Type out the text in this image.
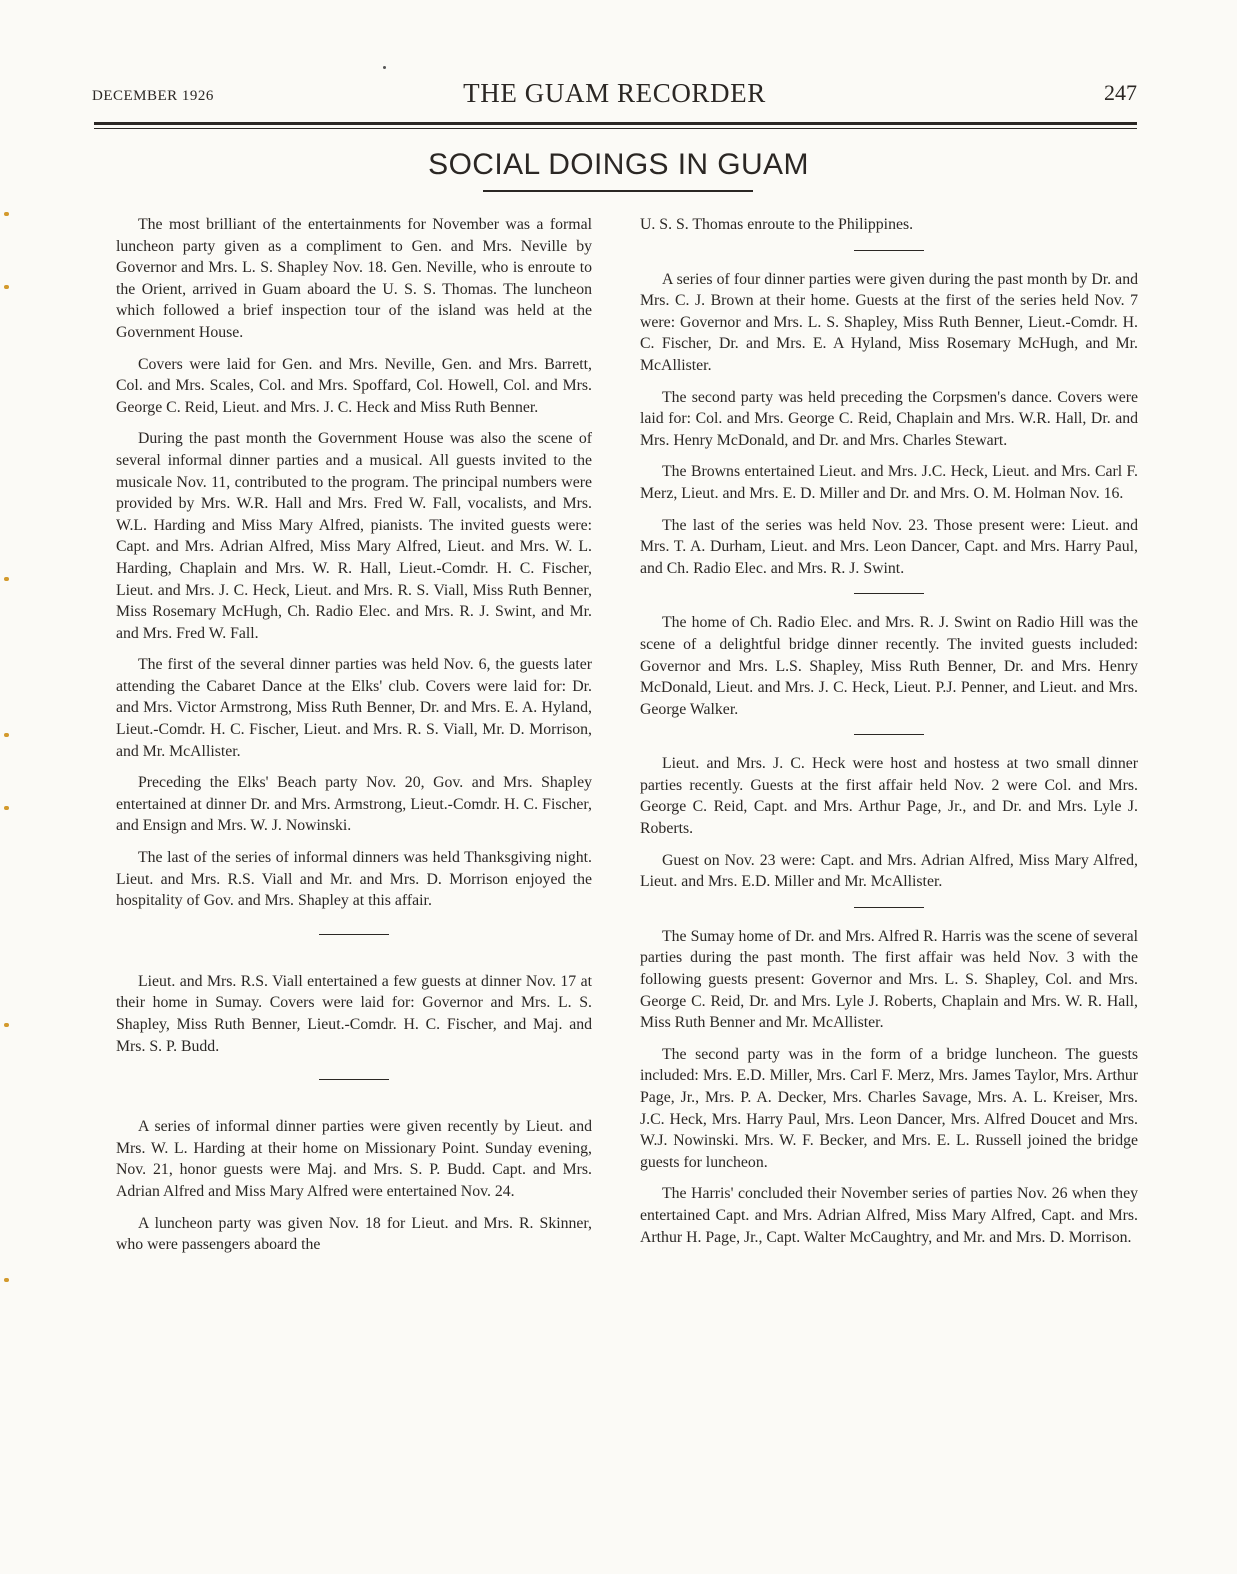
DECEMBER 1926	THE GUAM RECORDER	247
SOCIAL DOINGS IN GUAM

The most brilliant of the entertainments for November was a formal luncheon party given as a compliment to Gen. and Mrs. Neville by Governor and Mrs. L. S. Shapley Nov. 18. Gen. Neville, who is enroute to the Orient, arrived in Guam aboard the U. S. S. Thomas. The luncheon which followed a brief inspection tour of the island was held at the Government House.

Covers were laid for Gen. and Mrs. Neville, Gen. and Mrs. Barrett, Col. and Mrs. Scales, Col. and Mrs. Spoffard, Col. Howell, Col. and Mrs. George C. Reid, Lieut. and Mrs. J. C. Heck and Miss Ruth Benner.

During the past month the Government House was also the scene of several informal dinner parties and a musical. All guests invited to the musicale Nov. 11, contributed to the program. The principal numbers were provided by Mrs. W.R. Hall and Mrs. Fred W. Fall, vocalists, and Mrs. W.L. Harding and Miss Mary Alfred, pianists. The invited guests were: Capt. and Mrs. Adrian Alfred, Miss Mary Alfred, Lieut. and Mrs. W. L. Harding, Chaplain and Mrs. W. R. Hall, Lieut.-Comdr. H. C. Fischer, Lieut. and Mrs. J. C. Heck, Lieut. and Mrs. R. S. Viall, Miss Ruth Benner, Miss Rosemary McHugh, Ch. Radio Elec. and Mrs. R. J. Swint, and Mr. and Mrs. Fred W. Fall.

The first of the several dinner parties was held Nov. 6, the guests later attending the Cabaret Dance at the Elks' club. Covers were laid for: Dr. and Mrs. Victor Armstrong, Miss Ruth Benner, Dr. and Mrs. E. A. Hyland, Lieut.-Comdr. H. C. Fischer, Lieut. and Mrs. R. S. Viall, Mr. D. Morrison, and Mr. McAllister.

Preceding the Elks' Beach party Nov. 20, Gov. and Mrs. Shapley entertained at dinner Dr. and Mrs. Armstrong, Lieut.-Comdr. H. C. Fischer, and Ensign and Mrs. W. J. Nowinski.

The last of the series of informal dinners was held Thanksgiving night. Lieut. and Mrs. R.S. Viall and Mr. and Mrs. D. Morrison enjoyed the hospitality of Gov. and Mrs. Shapley at this affair.

Lieut. and Mrs. R.S. Viall entertained a few guests at dinner Nov. 17 at their home in Sumay. Covers were laid for: Governor and Mrs. L. S. Shapley, Miss Ruth Benner, Lieut.-Comdr. H. C. Fischer, and Maj. and Mrs. S. P. Budd.

A series of informal dinner parties were given recently by Lieut. and Mrs. W. L. Harding at their home on Missionary Point. Sunday evening, Nov. 21, honor guests were Maj. and Mrs. S. P. Budd. Capt. and Mrs. Adrian Alfred and Miss Mary Alfred were entertained Nov. 24.

A luncheon party was given Nov. 18 for Lieut. and Mrs. R. Skinner, who were passengers aboard the

U. S. S. Thomas enroute to the Philippines.

A series of four dinner parties were given during the past month by Dr. and Mrs. C. J. Brown at their home. Guests at the first of the series held Nov. 7 were: Governor and Mrs. L. S. Shapley, Miss Ruth Benner, Lieut.-Comdr. H. C. Fischer, Dr. and Mrs. E. A Hyland, Miss Rosemary McHugh, and Mr. McAllister.

The second party was held preceding the Corpsmen's dance. Covers were laid for: Col. and Mrs. George C. Reid, Chaplain and Mrs. W.R. Hall, Dr. and Mrs. Henry McDonald, and Dr. and Mrs. Charles Stewart.

The Browns entertained Lieut. and Mrs. J.C. Heck, Lieut. and Mrs. Carl F. Merz, Lieut. and Mrs. E. D. Miller and Dr. and Mrs. O. M. Holman Nov. 16.

The last of the series was held Nov. 23. Those present were: Lieut. and Mrs. T. A. Durham, Lieut. and Mrs. Leon Dancer, Capt. and Mrs. Harry Paul, and Ch. Radio Elec. and Mrs. R. J. Swint.

The home of Ch. Radio Elec. and Mrs. R. J. Swint on Radio Hill was the scene of a delightful bridge dinner recently. The invited guests included: Governor and Mrs. L.S. Shapley, Miss Ruth Benner, Dr. and Mrs. Henry McDonald, Lieut. and Mrs. J. C. Heck, Lieut. P.J. Penner, and Lieut. and Mrs. George Walker.

Lieut. and Mrs. J. C. Heck were host and hostess at two small dinner parties recently. Guests at the first affair held Nov. 2 were Col. and Mrs. George C. Reid, Capt. and Mrs. Arthur Page, Jr., and Dr. and Mrs. Lyle J. Roberts.

Guest on Nov. 23 were: Capt. and Mrs. Adrian Alfred, Miss Mary Alfred, Lieut. and Mrs. E.D. Miller and Mr. McAllister.

The Sumay home of Dr. and Mrs. Alfred R. Harris was the scene of several parties during the past month. The first affair was held Nov. 3 with the following guests present: Governor and Mrs. L. S. Shapley, Col. and Mrs. George C. Reid, Dr. and Mrs. Lyle J. Roberts, Chaplain and Mrs. W. R. Hall, Miss Ruth Benner and Mr. McAllister.

The second party was in the form of a bridge luncheon. The guests included: Mrs. E.D. Miller, Mrs. Carl F. Merz, Mrs. James Taylor, Mrs. Arthur Page, Jr., Mrs. P. A. Decker, Mrs. Charles Savage, Mrs. A. L. Kreiser, Mrs. J.C. Heck, Mrs. Harry Paul, Mrs. Leon Dancer, Mrs. Alfred Doucet and Mrs. W.J. Nowinski. Mrs. W. F. Becker, and Mrs. E. L. Russell joined the bridge guests for luncheon.

The Harris' concluded their November series of parties Nov. 26 when they entertained Capt. and Mrs. Adrian Alfred, Miss Mary Alfred, Capt. and Mrs. Arthur H. Page, Jr., Capt. Walter McCaughtry, and Mr. and Mrs. D. Morrison.
